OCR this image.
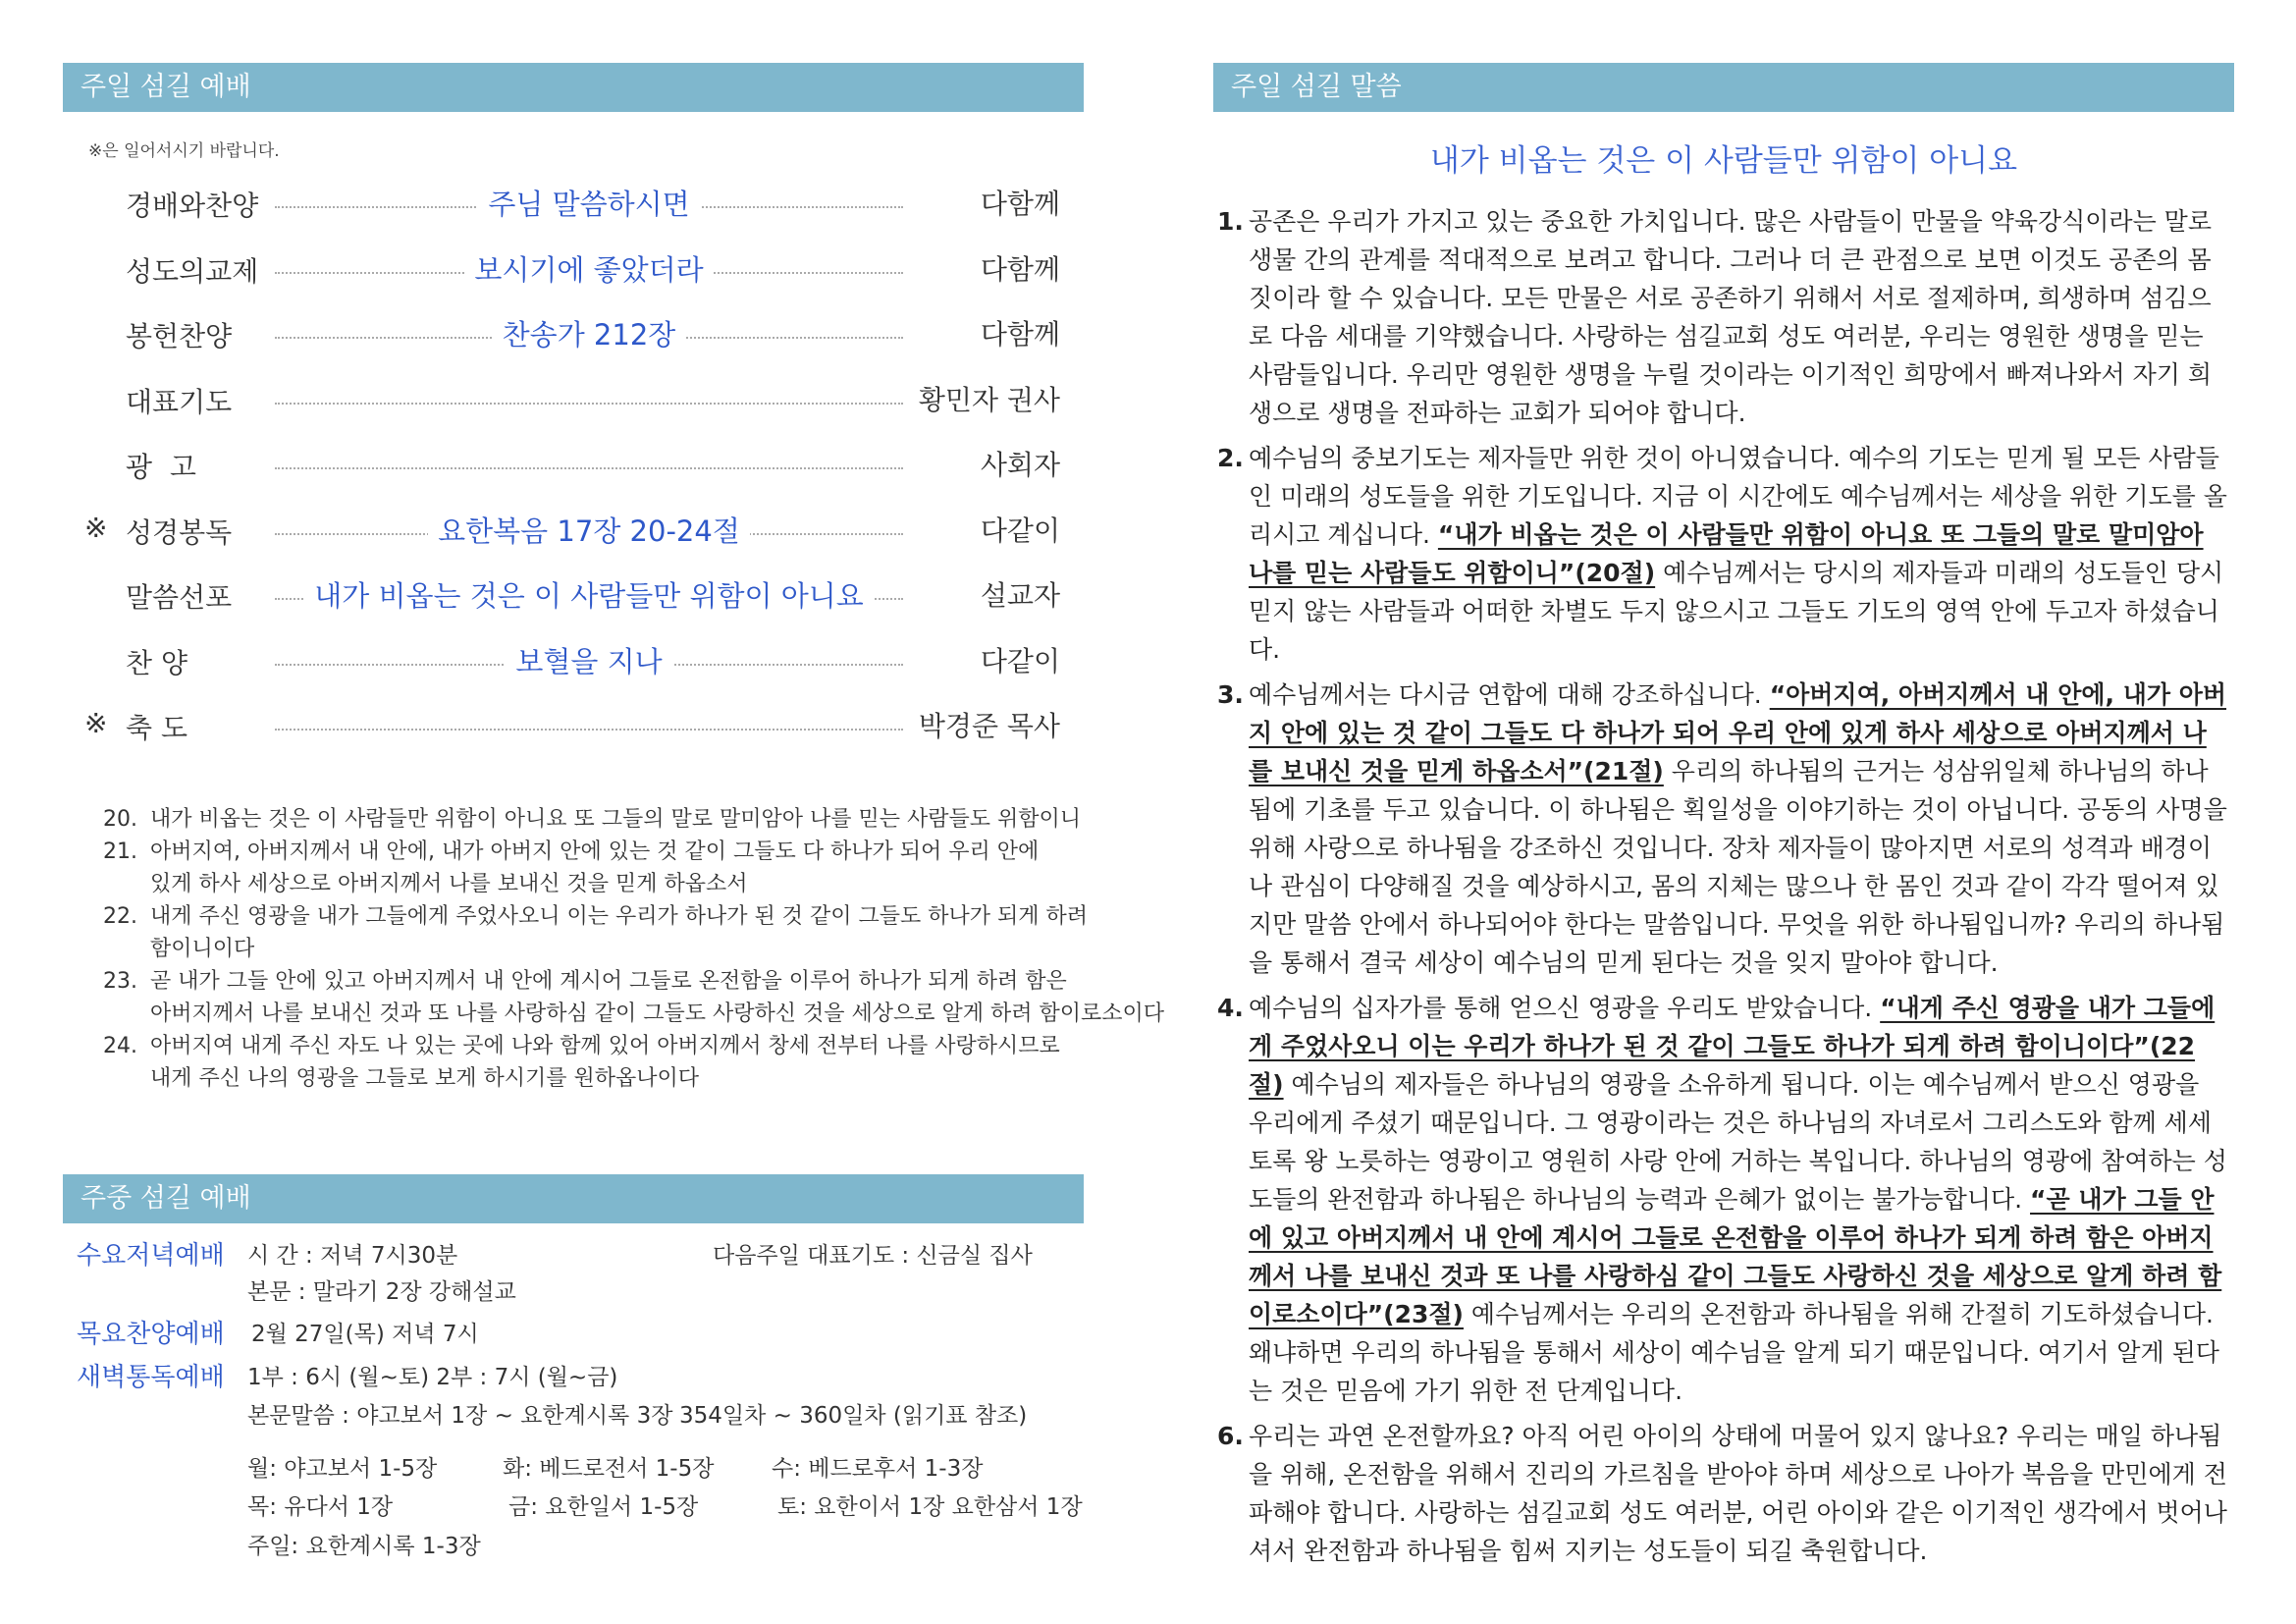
주일 섬길 예배
※은 일어서시기 바랍니다.
경배와찬양	주님 말씀하시면	다함께
성도의교제	보시기에 좋았더라	다함께
봉헌찬양	찬송가 212장	다함께
대표기도	황민자 권사
광  고	사회자
※ 성경봉독	요한복음 17장 20-24절	다같이
말씀선포	내가 비옵는 것은 이 사람들만 위함이 아니요	설교자
찬 양	보혈을 지나	다같이
※ 축 도	박경준 목사
20. 내가 비옵는 것은 이 사람들만 위함이 아니요 또 그들의 말로 말미암아 나를 믿는 사람들도 위함이니
21. 아버지여, 아버지께서 내 안에, 내가 아버지 안에 있는 것 같이 그들도 다 하나가 되어 우리 안에
있게 하사 세상으로 아버지께서 나를 보내신 것을 믿게 하옵소서
22. 내게 주신 영광을 내가 그들에게 주었사오니 이는 우리가 하나가 된 것 같이 그들도 하나가 되게 하려
함이니이다
23. 곧 내가 그들 안에 있고 아버지께서 내 안에 계시어 그들로 온전함을 이루어 하나가 되게 하려 함은
아버지께서 나를 보내신 것과 또 나를 사랑하심 같이 그들도 사랑하신 것을 세상으로 알게 하려 함이로소이다
24. 아버지여 내게 주신 자도 나 있는 곳에 나와 함께 있어 아버지께서 창세 전부터 나를 사랑하시므로
내게 주신 나의 영광을 그들로 보게 하시기를 원하옵나이다
주중 섬길 예배
수요저녁예배 시 간 : 저녁 7시30분	다음주일 대표기도 : 신금실 집사
본문 : 말라기 2장 강해설교
목요찬양예배 2월 27일(목) 저녁 7시
새벽통독예배 1부 : 6시 (월~토) 2부 : 7시 (월~금)
본문말씀 : 야고보서 1장 ~ 요한계시록 3장 354일차 ~ 360일차 (읽기표 참조)
월: 야고보서 1-5장	화: 베드로전서 1-5장	수: 베드로후서 1-3장
목: 유다서 1장	금: 요한일서 1-5장	토: 요한이서 1장 요한삼서 1장
주일: 요한계시록 1-3장
주일 섬길 말씀
내가 비옵는 것은 이 사람들만 위함이 아니요
1. 공존은 우리가 가지고 있는 중요한 가치입니다. 많은 사람들이 만물을 약육강식이라는 말로 생물 간의 관계를 적대적으로 보려고 합니다. 그러나 더 큰 관점으로 보면 이것도 공존의 몸짓이라 할 수 있습니다. 모든 만물은 서로 공존하기 위해서 서로 절제하며, 희생하며 섬김으로 다음 세대를 기약했습니다. 사랑하는 섬길교회 성도 여러분, 우리는 영원한 생명을 믿는 사람들입니다. 우리만 영원한 생명을 누릴 것이라는 이기적인 희망에서 빠져나와서 자기 희생으로 생명을 전파하는 교회가 되어야 합니다.
2. 예수님의 중보기도는 제자들만 위한 것이 아니였습니다. 예수의 기도는 믿게 될 모든 사람들인 미래의 성도들을 위한 기도입니다. 지금 이 시간에도 예수님께서는 세상을 위한 기도를 올리시고 계십니다. “내가 비옵는 것은 이 사람들만 위함이 아니요 또 그들의 말로 말미암아 나를 믿는 사람들도 위함이니”(20절) 예수님께서는 당시의 제자들과 미래의 성도들인 당시 믿지 않는 사람들과 어떠한 차별도 두지 않으시고 그들도 기도의 영역 안에 두고자 하셨습니다.
3. 예수님께서는 다시금 연합에 대해 강조하십니다. “아버지여, 아버지께서 내 안에, 내가 아버지 안에 있는 것 같이 그들도 다 하나가 되어 우리 안에 있게 하사 세상으로 아버지께서 나를 보내신 것을 믿게 하옵소서”(21절) 우리의 하나됨의 근거는 성삼위일체 하나님의 하나됨에 기초를 두고 있습니다. 이 하나됨은 획일성을 이야기하는 것이 아닙니다. 공동의 사명을 위해 사랑으로 하나됨을 강조하신 것입니다. 장차 제자들이 많아지면 서로의 성격과 배경이나 관심이 다양해질 것을 예상하시고, 몸의 지체는 많으나 한 몸인 것과 같이 각각 떨어져 있지만 말씀 안에서 하나되어야 한다는 말씀입니다. 무엇을 위한 하나됨입니까? 우리의 하나됨을 통해서 결국 세상이 예수님의 믿게 된다는 것을 잊지 말아야 합니다.
4. 예수님의 십자가를 통해 얻으신 영광을 우리도 받았습니다. “내게 주신 영광을 내가 그들에게 주었사오니 이는 우리가 하나가 된 것 같이 그들도 하나가 되게 하려 함이니이다”(22절) 예수님의 제자들은 하나님의 영광을 소유하게 됩니다. 이는 예수님께서 받으신 영광을 우리에게 주셨기 때문입니다. 그 영광이라는 것은 하나님의 자녀로서 그리스도와 함께 세세토록 왕 노릇하는 영광이고 영원히 사랑 안에 거하는 복입니다. 하나님의 영광에 참여하는 성도들의 완전함과 하나됨은 하나님의 능력과 은혜가 없이는 불가능합니다. “곧 내가 그들 안에 있고 아버지께서 내 안에 계시어 그들로 온전함을 이루어 하나가 되게 하려 함은 아버지께서 나를 보내신 것과 또 나를 사랑하심 같이 그들도 사랑하신 것을 세상으로 알게 하려 함이로소이다”(23절) 예수님께서는 우리의 온전함과 하나됨을 위해 간절히 기도하셨습니다. 왜냐하면 우리의 하나됨을 통해서 세상이 예수님을 알게 되기 때문입니다. 여기서 알게 된다는 것은 믿음에 가기 위한 전 단계입니다.
6. 우리는 과연 온전할까요? 아직 어린 아이의 상태에 머물어 있지 않나요? 우리는 매일 하나됨을 위해, 온전함을 위해서 진리의 가르침을 받아야 하며 세상으로 나아가 복음을 만민에게 전파해야 합니다. 사랑하는 섬길교회 성도 여러분, 어린 아이와 같은 이기적인 생각에서 벗어나셔서 완전함과 하나됨을 힘써 지키는 성도들이 되길 축원합니다.
